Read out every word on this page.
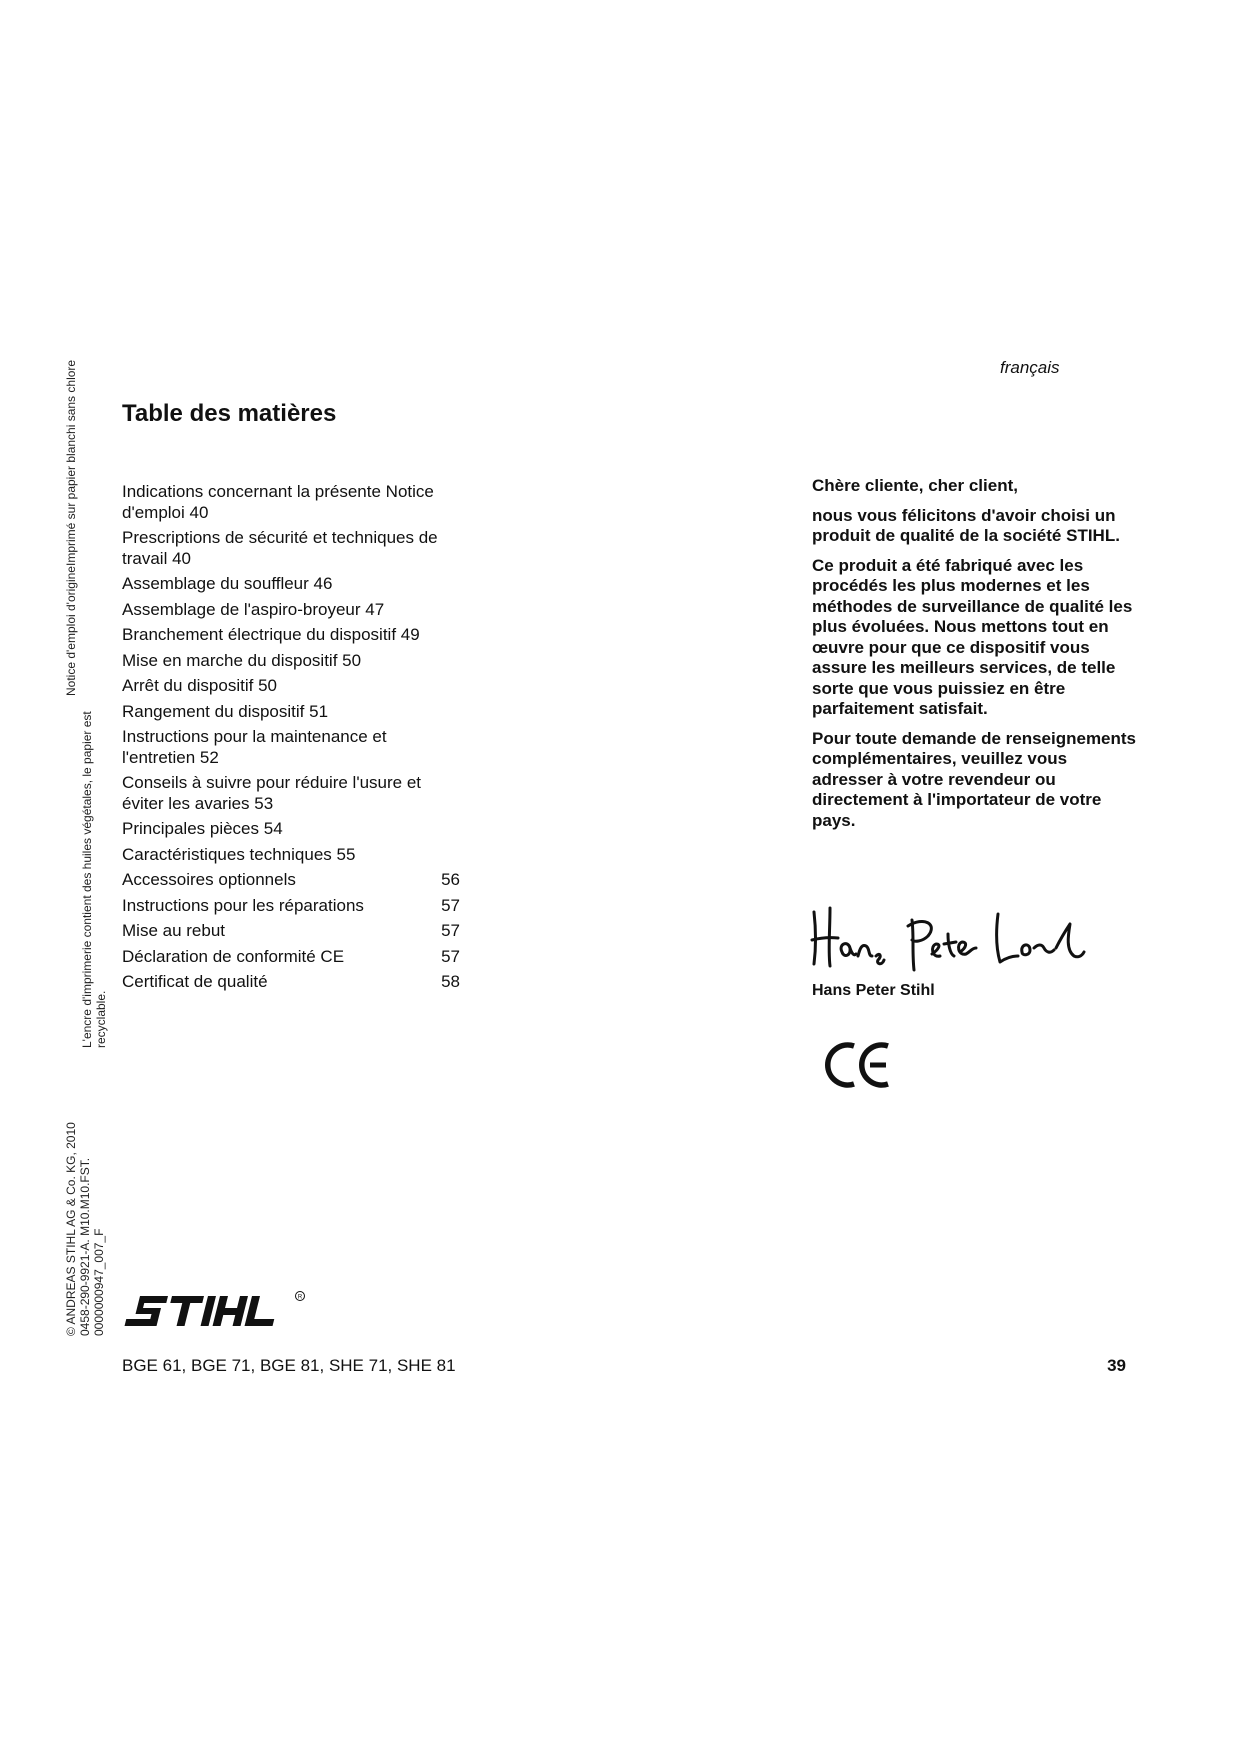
Notice d'emploi d'origineImprimé sur papier blanchi sans chlore
L'encre d'imprimerie contient des huiles végétales, le papier est recyclable.
© ANDREAS STIHL AG & Co. KG, 2010 0458-290-9921-A. M10.M10.FST. 0000000947_007_F
français
Table des matières
Indications concernant la présente Notice d'emploi 40
Prescriptions de sécurité et techniques de travail 40
Assemblage du souffleur 46
Assemblage de l'aspiro-broyeur 47
Branchement électrique du dispositif 49
Mise en marche du dispositif 50
Arrêt du dispositif 50
Rangement du dispositif 51
Instructions pour la maintenance et l'entretien 52
Conseils à suivre pour réduire l'usure et éviter les avaries 53
Principales pièces 54
Caractéristiques techniques 55
Accessoires optionnels	56
Instructions pour les réparations	57
Mise au rebut	57
Déclaration de conformité CE	57
Certificat de qualité	58

Chère cliente, cher client,

nous vous félicitons d'avoir choisi un produit de qualité de la société STIHL.

Ce produit a été fabriqué avec les procédés les plus modernes et les méthodes de surveillance de qualité les plus évoluées. Nous mettons tout en œuvre pour que ce dispositif vous assure les meilleurs services, de telle sorte que vous puissiez en être parfaitement satisfait.

Pour toute demande de renseignements complémentaires, veuillez vous adresser à votre revendeur ou directement à l'importateur de votre pays.

Hans Peter Stihl
R
BGE 61, BGE 71, BGE 81, SHE 71, SHE 81	39
